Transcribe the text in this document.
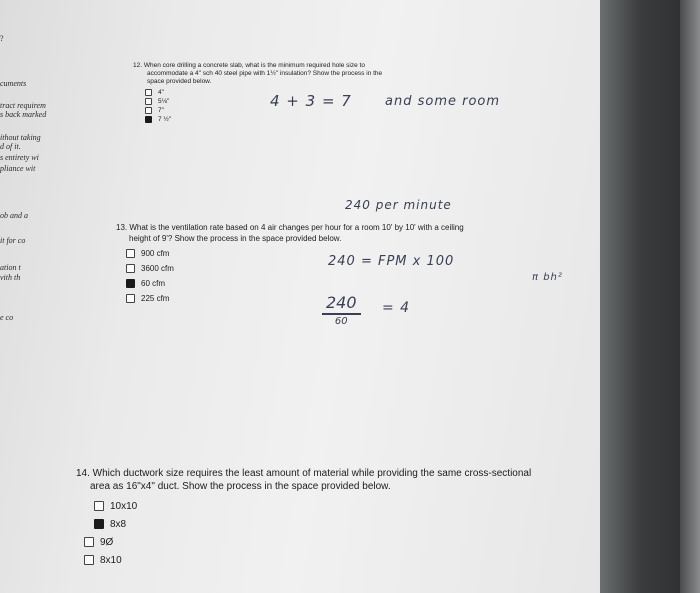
?
cuments
tract requirem
s back marked
ithout taking
d of it.
s entirety wi
pliance wit
ob and a
it for co
ation t
vith th
e co
12. When core drilling a concrete slab, what is the minimum required hole size to
accommodate a 4" sch 40 steel pipe with 1½" insulation? Show the process in the
space provided below.
4"
5⅛"
7"
7 ½"
13. What is the ventilation rate based on 4 air changes per hour for a room 10' by 10' with a ceiling
height of 9'? Show the process in the space provided below.
900 cfm
3600 cfm
60 cfm
225 cfm
14. Which ductwork size requires the least amount of material while providing the same cross-sectional
area as 16"x4" duct. Show the process in the space provided below.
10x10
8x8
9Ø
8x10
4 + 3 = 7	and some room
240 per minute
240 = FPM x 100
π bh²
240
60
= 4
